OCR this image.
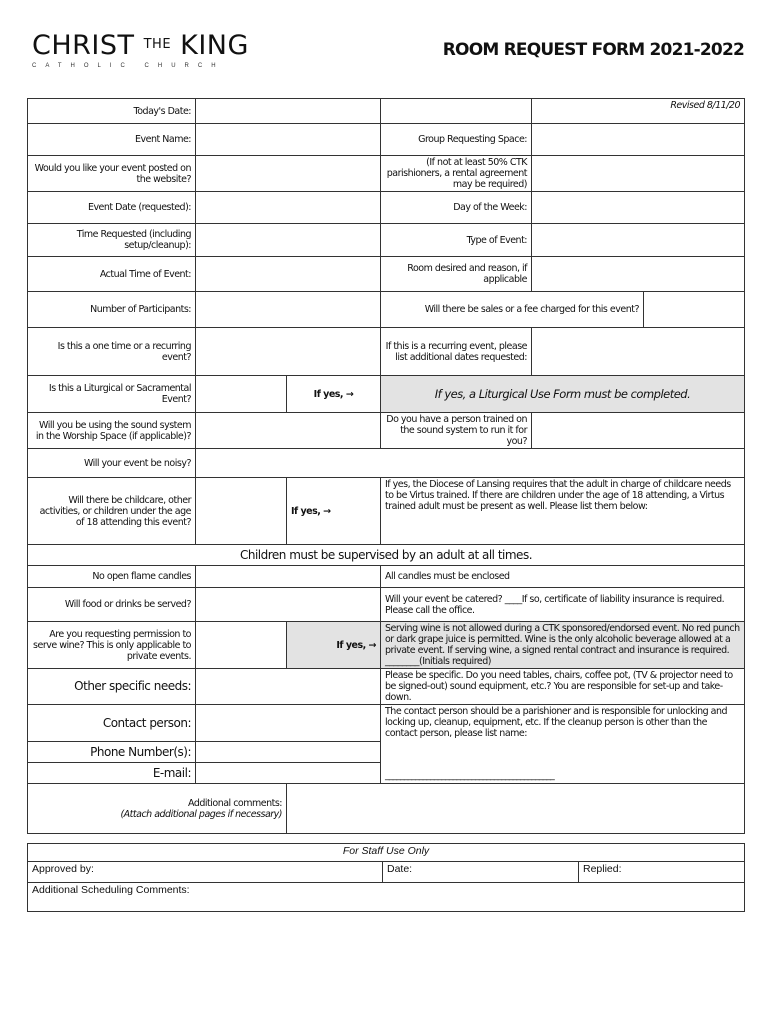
CHRIST $^{THE}$ KING
CATHOLIC CHURCH
ROOM REQUEST FORM 2021-2022
Today's Date:				Revised 8/11/20	
Event Name:			Group Requesting Space:		
Would you like your event posted on the website?			(If not at least 50% CTK parishioners, a rental agreement may be required)		
Event Date (requested):			Day of the Week:		
Time Requested (including setup/cleanup):			Type of Event:		
Actual Time of Event:			Room desired and reason, if applicable		
Number of Participants:			Will there be sales or a fee charged for this event?		
Is this a one time or a recurring event?			If this is a recurring event, please list additional dates requested:		
Is this a Liturgical or Sacramental Event?		If yes, →	If yes, a Liturgical Use Form must be completed.		
Will you be using the sound system in the Worship Space (if applicable)?			Do you have a person trained on the sound system to run it for you?		
Will your event be noisy?					
Will there be childcare, other activities, or children under the age of 18 attending this event?		If yes, →	If yes, the Diocese of Lansing requires that the adult in charge of childcare needs to be Virtus trained. If there are children under the age of 18 attending, a Virtus trained adult must be present as well. Please list them below:		
Children must be supervised by an adult at all times.					
No open flame candles			All candles must be enclosed		
Will food or drinks be served?			Will your event be catered? ____If so, certificate of liability insurance is required. Please call the office.		
Are you requesting permission to serve wine? This is only applicable to private events.		If yes, →	Serving wine is not allowed during a CTK sponsored/endorsed event. No red punch or dark grape juice is permitted. Wine is the only alcoholic beverage allowed at a private event. If serving wine, a signed rental contract and insurance is required. ________(Initials required)		
Other specific needs:			Please be specific. Do you need tables, chairs, coffee pot, (TV & projector need to be signed-out) sound equipment, etc.? You are responsible for set-up and take-down.		
Contact person:			The contact person should be a parishioner and is responsible for unlocking and locking up, cleanup, equipment, etc. If the cleanup person is other than the contact person, please list name:
_____________________________________________		

Phone Number(s):					
E-mail:					

Additional comments:
(Attach additional pages if necessary)					

For Staff Use Only
Approved by:	Date:	Replied:
Additional Scheduling Comments:
